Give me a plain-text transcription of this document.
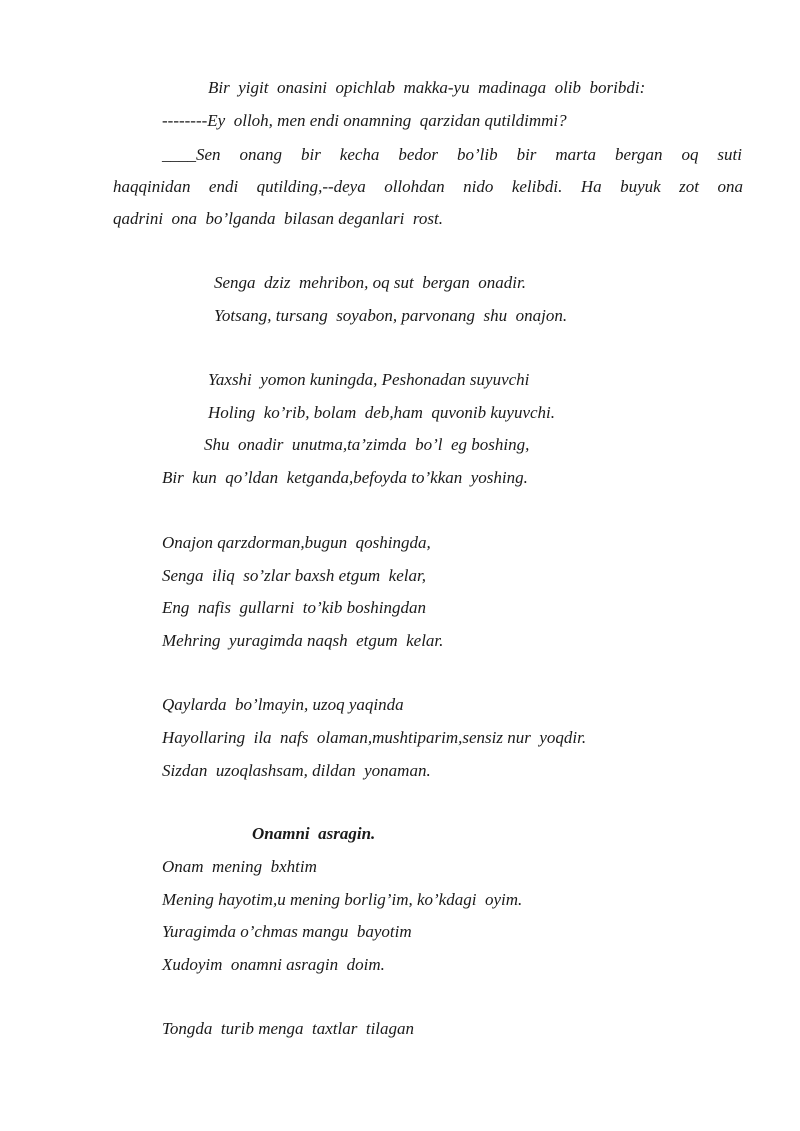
Bir  yigit  onasini  opichlab  makka-yu  madinaga  olib  boribdi:
--------Ey  olloh, men endi onamning  qarzidan qutildimmi?
____Sen onang bir kecha bedor bo’lib bir marta bergan oq suti
haqqinidan endi qutilding,--deya ollohdan nido kelibdi. Ha buyuk zot ona
qadrini  ona  bo’lganda  bilasan deganlari  rost.
Senga  dziz  mehribon, oq sut  bergan  onadir.
Yotsang, tursang  soyabon, parvonang  shu  onajon.
Yaxshi  yomon kuningda, Peshonadan suyuvchi
Holing  ko’rib, bolam  deb,ham  quvonib kuyuvchi.
Shu  onadir  unutma,ta’zimda  bo’l  eg boshing,
Bir  kun  qo’ldan  ketganda,befoyda to’kkan  yoshing.
Onajon qarzdorman,bugun  qoshingda,
Senga  iliq  so’zlar baxsh etgum  kelar,
Eng  nafis  gullarni  to’kib boshingdan
Mehring  yuragimda naqsh  etgum  kelar.
Qaylarda  bo’lmayin, uzoq yaqinda
Hayollaring  ila  nafs  olaman,mushtiparim,sensiz nur  yoqdir.
Sizdan  uzoqlashsam, dildan  yonaman.
Onamni  asragin.
Onam  mening  bxhtim
Mening hayotim,u mening borlig’im, ko’kdagi  oyim.
Yuragimda o’chmas mangu  bayotim
Xudoyim  onamni asragin  doim.
Tongda  turib menga  taxtlar  tilagan
